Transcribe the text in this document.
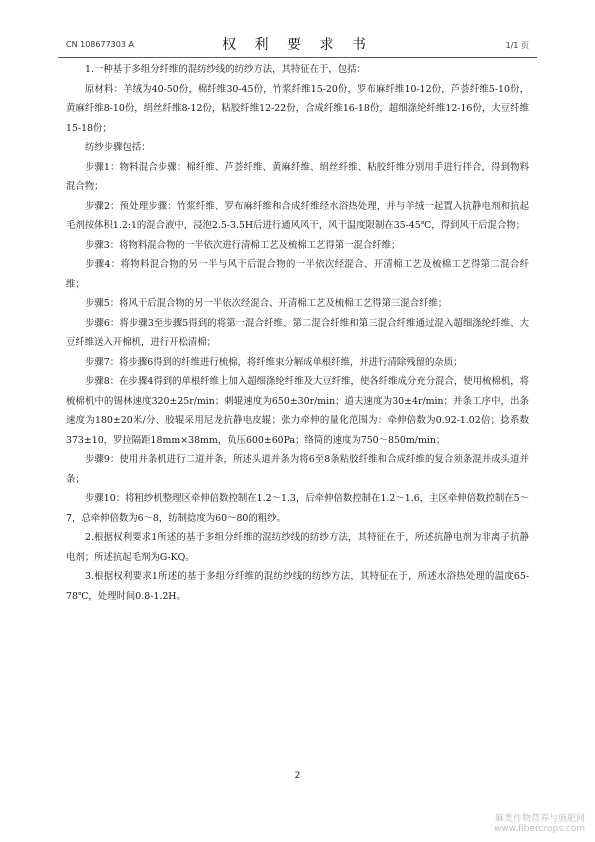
CN 108677303 A	权 利 要 求 书	1/1 页

1.一种基于多组分纤维的混纺纱线的纺纱方法，其特征在于，包括：

原材料：羊绒为40-50份，棉纤维30-45份，竹浆纤维15-20份，罗布麻纤维10-12份，芦荟纤维5-10份，黄麻纤维8-10份，绢丝纤维8-12份，粘胶纤维12-22份，合成纤维16-18份，超细涤纶纤维12-16份，大豆纤维15-18份；

纺纱步骤包括：

步骤1：物料混合步骤：棉纤维、芦荟纤维、黄麻纤维、绢丝纤维、粘胶纤维分别用手进行拌合，得到物料混合物；

步骤2：预处理步骤：竹浆纤维、罗布麻纤维和合成纤维经水浴热处理，并与羊绒一起置入抗静电剂和抗起毛剂按体积1.2:1的混合液中，浸泡2.5-3.5H后进行通风风干，风干温度限制在35-45℃，得到风干后混合物；

步骤3：将物料混合物的一半依次进行清棉工艺及梳棉工艺得第一混合纤维；

步骤4：将物料混合物的另一半与风干后混合物的一半依次经混合、开清棉工艺及梳棉工艺得第二混合纤维；

步骤5：将风干后混合物的另一半依次经混合、开清棉工艺及梳棉工艺得第三混合纤维；

步骤6：将步骤3至步骤5得到的将第一混合纤维、第二混合纤维和第三混合纤维通过混入超细涤纶纤维、大豆纤维送入开棉机，进行开松清棉；

步骤7：将步骤6得到的纤维进行梳棉，将纤维束分解成单根纤维，并进行清除残留的杂质；

步骤8：在步骤4得到的单根纤维上加入超细涤纶纤维及大豆纤维，使各纤维成分充分混合，使用梳棉机，将梳棉机中的锡林速度320±25r/min；刺辊速度为650±30r/min；道夫速度为30±4r/min；并条工序中，出条速度为180±20米/分、胶辊采用尼龙抗静电皮辊；张力牵伸的量化范围为：牵伸倍数为0.92-1.02倍；捻系数373±10，罗拉隔距18mm×38mm，负压600±60Pa；络筒的速度为750～850m/min；

步骤9：使用并条机进行二道并条，所述头道并条为将6至8条粘胶纤维和合成纤维的复合须条混并成头道并条；

步骤10：将粗纱机整理区牵伸倍数控制在1.2～1.3，后牵伸倍数控制在1.2～1.6，主区牵伸倍数控制在5～7，总牵伸倍数为6～8，纺制捻度为60～80的粗纱。

2.根据权利要求1所述的基于多组分纤维的混纺纱线的纺纱方法，其特征在于，所述抗静电剂为非离子抗静电剂；所述抗起毛剂为G-KQ。

3.根据权利要求1所述的基于多组分纤维的混纺纱线的纺纱方法，其特征在于，所述水浴热处理的温度65-78℃，处理时间0.8-1.2H。

2
麻类作物营养与施肥网
www.fibercrops.com
